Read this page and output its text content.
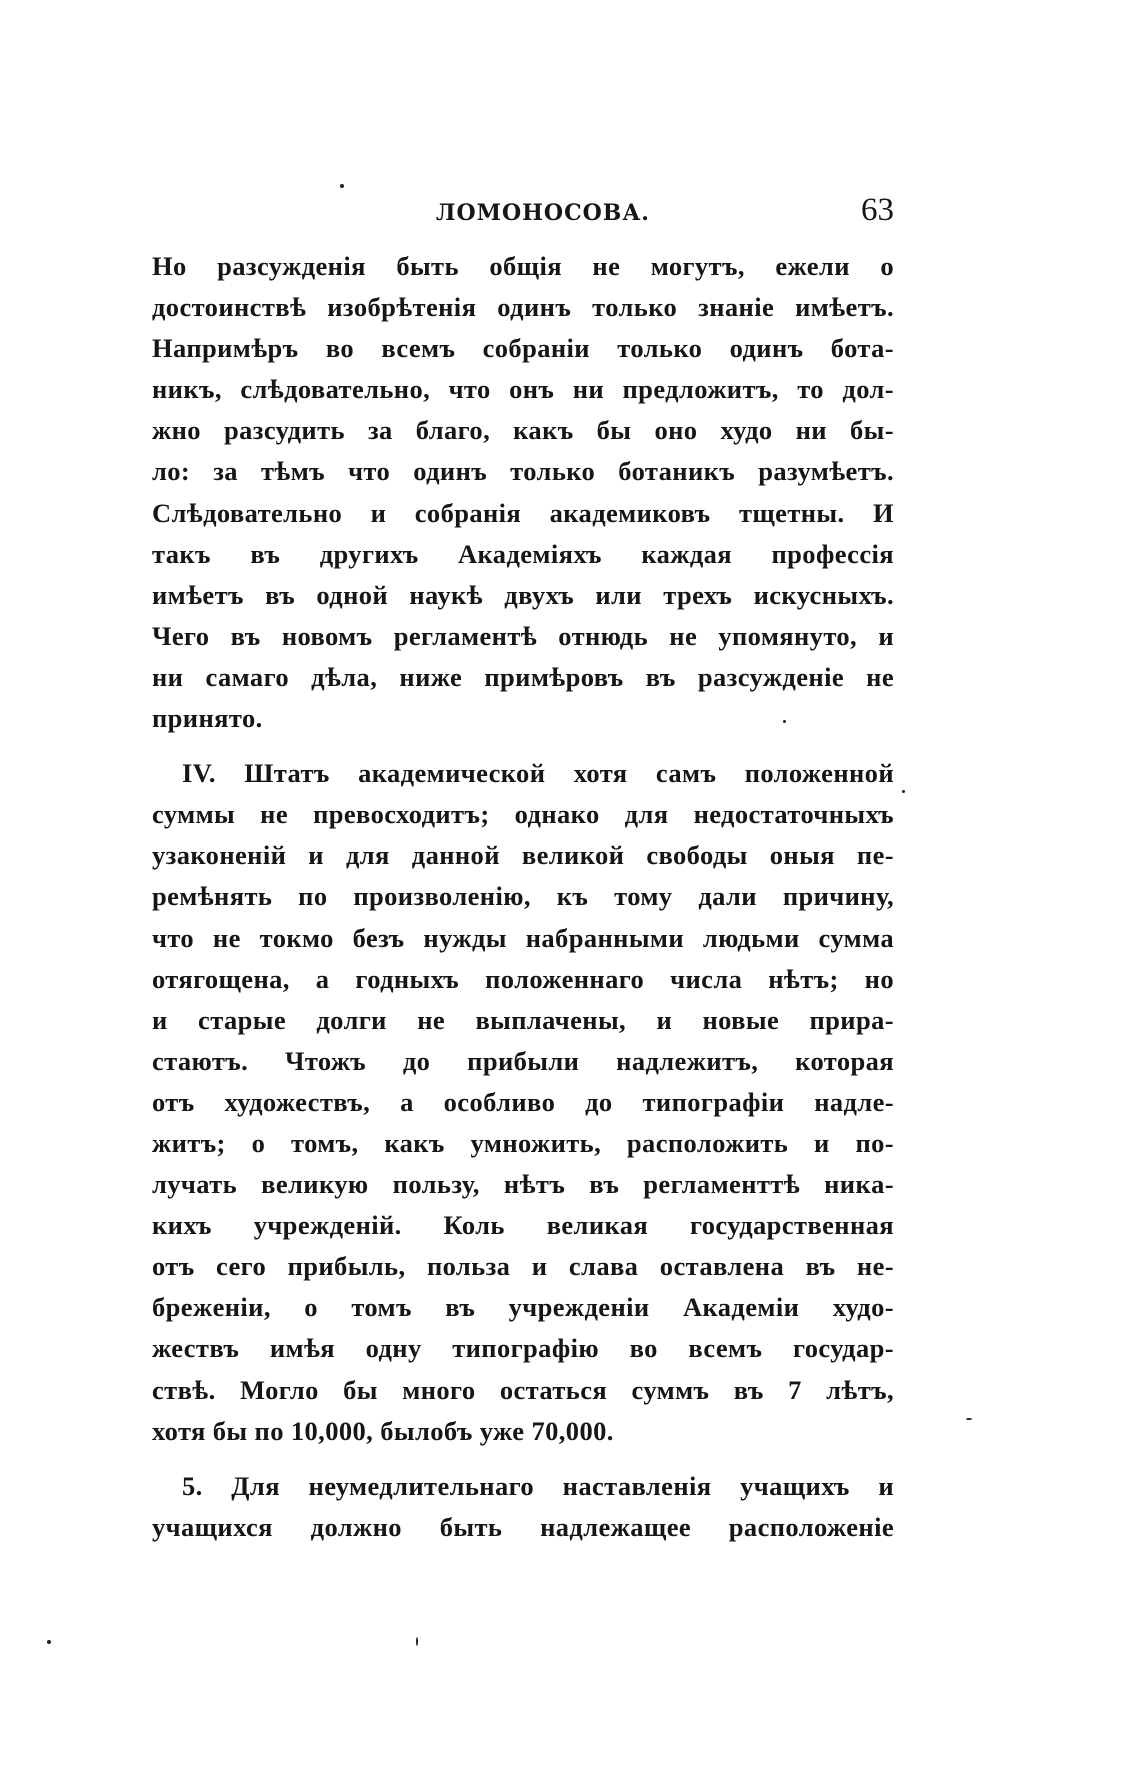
ЛОМОНОСОВА.	63
Но разсужденія быть общія не могутъ, ежели о
достоинствѣ изобрѣтенія одинъ только знаніе имѣетъ.
Напримѣръ во всемъ собраніи только одинъ бота-
никъ, слѣдовательно, что онъ ни предложитъ, то дол-
жно разсудить за благо, какъ бы оно худо ни бы-
ло: за тѣмъ что одинъ только ботаникъ разумѣетъ.
Слѣдовательно и собранія академиковъ тщетны. И
такъ въ другихъ Академіяхъ каждая профессія
имѣетъ въ одной наукѣ двухъ или трехъ искусныхъ.
Чего въ новомъ регламентѣ отнюдь не упомянуто, и
ни самаго дѣла, ниже примѣровъ въ разсужденіе не
принято.
IV. Штатъ академической хотя самъ положенной
суммы не превосходитъ; однако для недостаточныхъ
узаконеній и для данной великой свободы оныя пе-
ремѣнять по произволенію, къ тому дали причину,
что не токмо безъ нужды набранными людьми сумма
отягощена, а годныхъ положеннаго числа нѣтъ; но
и старые долги не выплачены, и новые прира-
стаютъ. Чтожъ до прибыли надлежитъ, которая
отъ художествъ, а особливо до типографіи надле-
житъ; о томъ, какъ умножить, расположить и по-
лучать великую пользу, нѣтъ въ регламенттѣ никa-
кихъ учрежденій. Коль великая государственная
отъ сего прибыль, польза и слава оставлена въ не-
брежeніи, о томъ въ учрежденіи Академіи худо-
жествъ имѣя одну типографію во всемъ государ-
ствѣ. Могло бы много остаться суммъ въ 7 лѣтъ,
хотя бы по 10,000, былобъ уже 70,000.
5. Для неумедлительнаго наставленія учащихъ и
учащихся должно быть надлежащее расположеніе
